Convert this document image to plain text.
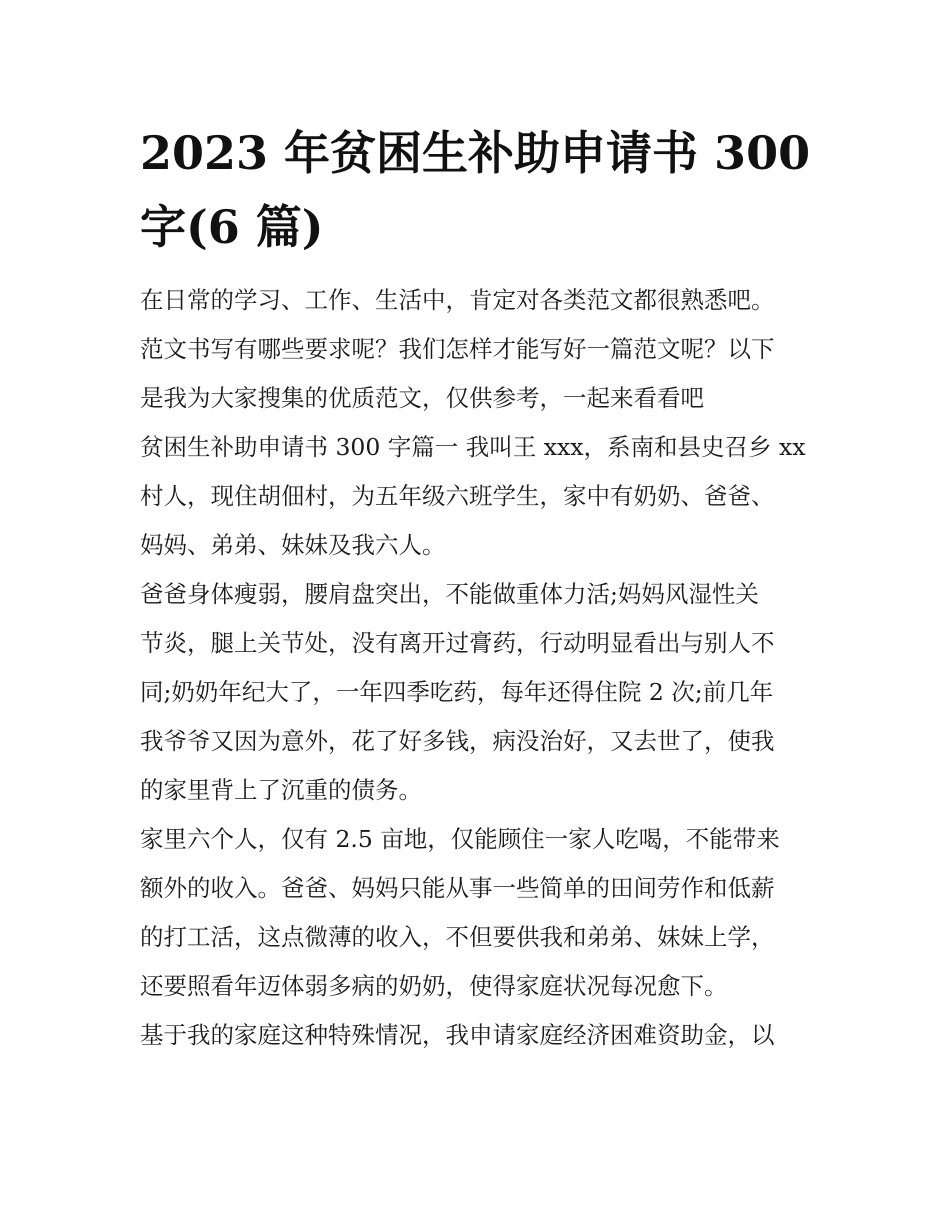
2023 年贫困生补助申请书 300
字(6 篇)
在日常的学习、工作、生活中，肯定对各类范文都很熟悉吧。
范文书写有哪些要求呢？我们怎样才能写好一篇范文呢？以下
是我为大家搜集的优质范文，仅供参考，一起来看看吧
贫困生补助申请书 300 字篇一 我叫王 xxx，系南和县史召乡 xx
村人，现住胡佃村，为五年级六班学生，家中有奶奶、爸爸、
妈妈、弟弟、妹妹及我六人。
爸爸身体瘦弱，腰肩盘突出，不能做重体力活;妈妈风湿性关
节炎，腿上关节处，没有离开过膏药，行动明显看出与别人不
同;奶奶年纪大了，一年四季吃药，每年还得住院 2 次;前几年
我爷爷又因为意外，花了好多钱，病没治好，又去世了，使我
的家里背上了沉重的债务。
家里六个人，仅有 2.5 亩地，仅能顾住一家人吃喝，不能带来
额外的收入。爸爸、妈妈只能从事一些简单的田间劳作和低薪
的打工活，这点微薄的收入，不但要供我和弟弟、妹妹上学，
还要照看年迈体弱多病的奶奶，使得家庭状况每况愈下。
基于我的家庭这种特殊情况，我申请家庭经济困难资助金，以
